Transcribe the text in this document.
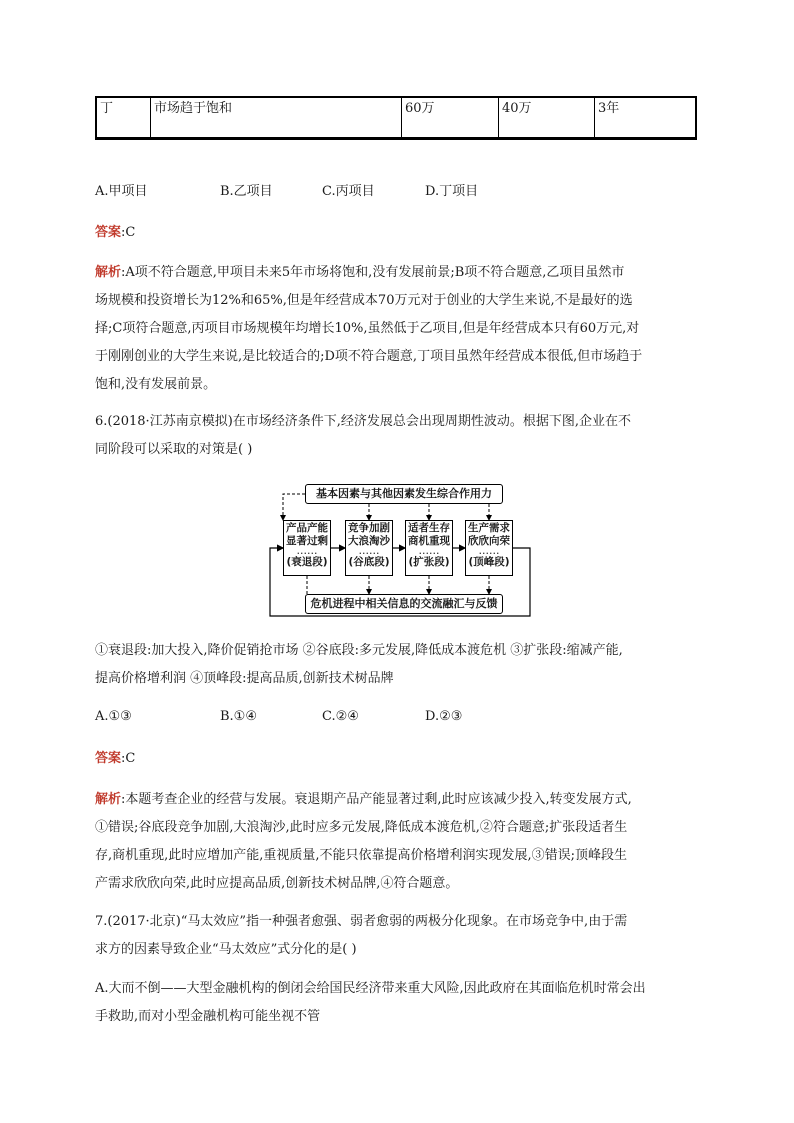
丁	市场趋于饱和	60万	40万	3年
A.甲项目	B.乙项目	C.丙项目	D.丁项目
答案:C
解析:A项不符合题意,甲项目未来5年市场将饱和,没有发展前景;B项不符合题意,乙项目虽然市
场规模和投资增长为12%和65%,但是年经营成本70万元对于创业的大学生来说,不是最好的选
择;C项符合题意,丙项目市场规模年均增长10%,虽然低于乙项目,但是年经营成本只有60万元,对
于刚刚创业的大学生来说,是比较适合的;D项不符合题意,丁项目虽然年经营成本很低,但市场趋于
饱和,没有发展前景。
6.(2018·江苏南京模拟)在市场经济条件下,经济发展总会出现周期性波动。根据下图,企业在不
同阶段可以采取的对策是( )
基本因素与其他因素发生综合作用力
危机进程中相关信息的交流融汇与反馈
产品产能
显著过剩
……
(衰退段)
竞争加剧
大浪淘沙
……
(谷底段)
适者生存
商机重现
……
(扩张段)
生产需求
欣欣向荣
……
(顶峰段)
①衰退段:加大投入,降价促销抢市场 ②谷底段:多元发展,降低成本渡危机 ③扩张段:缩减产能,
提高价格增利润 ④顶峰段:提高品质,创新技术树品牌
A.①③	B.①④	C.②④	D.②③
答案:C
解析:本题考查企业的经营与发展。衰退期产品产能显著过剩,此时应该减少投入,转变发展方式,
①错误;谷底段竞争加剧,大浪淘沙,此时应多元发展,降低成本渡危机,②符合题意;扩张段适者生
存,商机重现,此时应增加产能,重视质量,不能只依靠提高价格增利润实现发展,③错误;顶峰段生
产需求欣欣向荣,此时应提高品质,创新技术树品牌,④符合题意。
7.(2017·北京)“马太效应”指一种强者愈强、弱者愈弱的两极分化现象。在市场竞争中,由于需
求方的因素导致企业“马太效应”式分化的是( )
A.大而不倒——大型金融机构的倒闭会给国民经济带来重大风险,因此政府在其面临危机时常会出
手救助,而对小型金融机构可能坐视不管
